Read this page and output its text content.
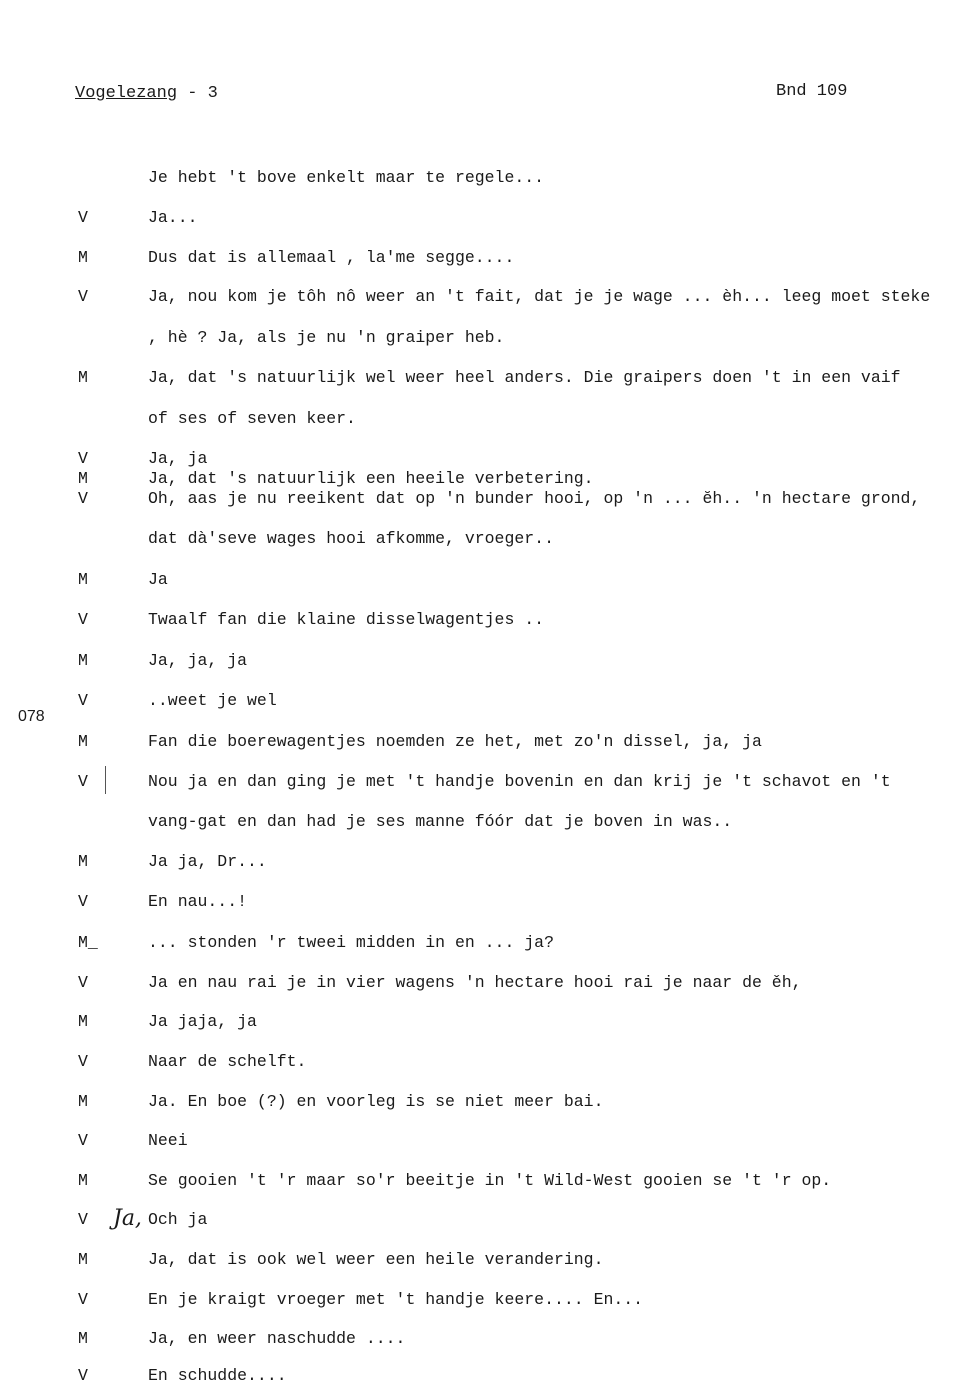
Vogelezang - 3	Bnd 109
078
Ja,
Je hebt 't bove enkelt maar te regele...
V	Ja...
M	Dus dat is allemaal , la'me segge....
V	Ja, nou kom je tôh nô weer an 't fait, dat je je wage ... èh... leeg moet steke
, hè ? Ja, als je nu 'n graiper heb.
M	Ja, dat 's natuurlijk wel weer heel anders. Die graipers doen 't in een vaif
of ses of seven keer.
V	Ja, ja
M	Ja, dat 's natuurlijk een heeile verbetering.
V	Oh, aas je nu reeikent dat op 'n bunder hooi, op 'n ... ĕh.. 'n hectare grond,
dat dà'seve wages hooi afkomme, vroeger..
M	Ja
V	Twaalf fan die klaine disselwagentjes ..
M	Ja, ja, ja
V	..weet je wel
M	Fan die boerewagentjes noemden ze het, met zo'n dissel, ja, ja
V	Nou ja en dan ging je met 't handje bovenin en dan krij je 't schavot en 't
vang-gat en dan had je ses manne fóór dat je boven in was..
M	Ja ja, Dr...
V	En nau...!
M_	... stonden 'r tweei midden in en ... ja?
V	Ja en nau rai je in vier wagens 'n hectare hooi rai je naar de ěh,
M	Ja jaja, ja
V	Naar de schelft.
M	Ja. En boe (?) en voorleg is se niet meer bai.
V	Neei
M	Se gooien 't 'r maar so'r beeitje in 't Wild-West gooien se 't 'r op.
V	Och ja
M	Ja, dat is ook wel weer een heile verandering.
V	En je kraigt vroeger met 't handje keere.... En...
M	Ja, en weer naschudde ....
V	En schudde....
